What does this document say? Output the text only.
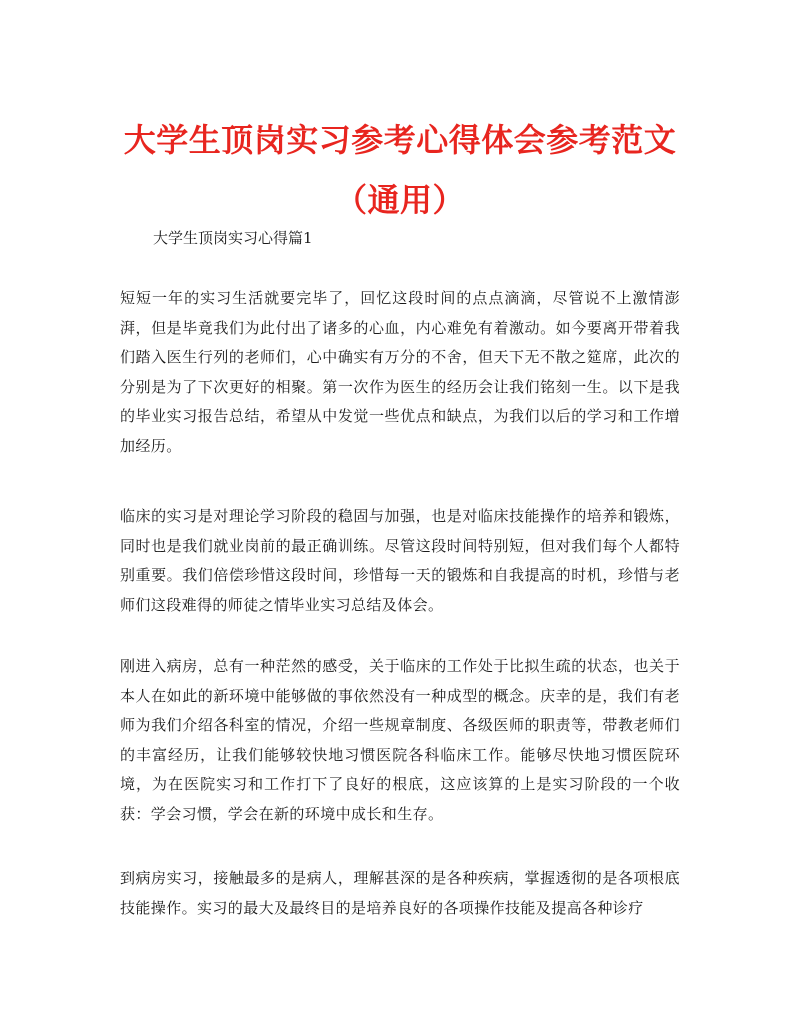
大学生顶岗实习参考心得体会参考范文（通用）

大学生顶岗实习心得篇1

短短一年的实习生活就要完毕了，回忆这段时间的点点滴滴，尽管说不上激情澎湃，但是毕竟我们为此付出了诸多的心血，内心难免有着激动。如今要离开带着我们踏入医生行列的老师们，心中确实有万分的不舍，但天下无不散之筵席，此次的分别是为了下次更好的相聚。第一次作为医生的经历会让我们铭刻一生。以下是我的毕业实习报告总结，希望从中发觉一些优点和缺点，为我们以后的学习和工作增加经历。

临床的实习是对理论学习阶段的稳固与加强，也是对临床技能操作的培养和锻炼，同时也是我们就业岗前的最正确训练。尽管这段时间特别短，但对我们每个人都特别重要。我们倍偿珍惜这段时间，珍惜每一天的锻炼和自我提高的时机，珍惜与老师们这段难得的师徒之情毕业实习总结及体会。

刚进入病房，总有一种茫然的感受，关于临床的工作处于比拟生疏的状态，也关于本人在如此的新环境中能够做的事依然没有一种成型的概念。庆幸的是，我们有老师为我们介绍各科室的情况，介绍一些规章制度、各级医师的职责等，带教老师们的丰富经历，让我们能够较快地习惯医院各科临床工作。能够尽快地习惯医院环境，为在医院实习和工作打下了良好的根底，这应该算的上是实习阶段的一个收获：学会习惯，学会在新的环境中成长和生存。

到病房实习，接触最多的是病人，理解甚深的是各种疾病，掌握透彻的是各项根底技能操作。实习的最大及最终目的是培养良好的各项操作技能及提高各种诊疗
